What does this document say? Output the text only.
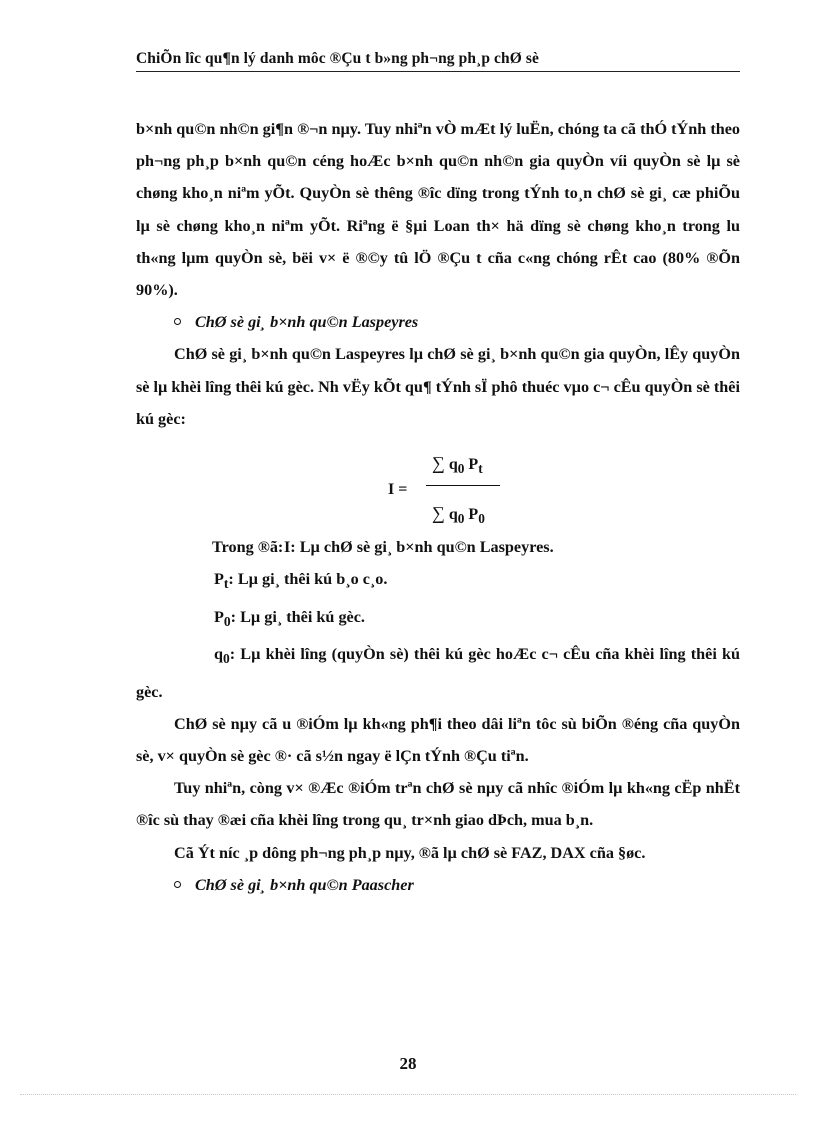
ChiÕn lîc qu¶n lý danh môc ®Çu t b»ng ph¬ng ph¸p chØ sè

b×nh qu©n nh©n gi¶n ®¬n nµy. Tuy nhiªn vÒ mÆt lý luËn, chóng ta cã thÓ tÝnh theo ph¬ng ph¸p b×nh qu©n céng hoÆc b×nh qu©n nh©n gia quyÒn víi quyÒn sè lµ sè chøng kho¸n niªm yÕt. QuyÒn sè thêng ®îc dïng trong tÝnh to¸n chØ sè gi¸ cæ phiÕu lµ sè chøng kho¸n niªm yÕt. Riªng ë §µi Loan th× hä dïng sè chøng kho¸n trong lu th«ng lµm quyÒn sè, bëi v× ë ®©y tû lÖ ®Çu t cña c«ng chóng rÊt cao (80% ®Õn 90%).

ChØ sè gi¸ b×nh qu©n Laspeyres

ChØ sè gi¸ b×nh qu©n Laspeyres lµ chØ sè gi¸ b×nh qu©n gia quyÒn, lÊy quyÒn sè lµ khèi lîng thêi kú gèc. Nh vËy kÕt qu¶ tÝnh sÏ phô thuéc vµo c¬ cÊu quyÒn sè thêi kú gèc:

I =
∑ $q_0$ $P_t$
∑ $q_0$ $P_0$

Trong ®ã:I: Lµ chØ sè gi¸ b×nh qu©n Laspeyres.

$P_t$: Lµ gi¸ thêi kú b¸o c¸o.

$P_0$: Lµ gi¸ thêi kú gèc.

$q_0$: Lµ khèi lîng (quyÒn sè) thêi kú gèc hoÆc c¬ cÊu cña khèi lîng thêi kú gèc.

ChØ sè nµy cã u ®iÓm lµ kh«ng ph¶i theo dâi liªn tôc sù biÕn ®éng cña quyÒn sè, v× quyÒn sè gèc ®· cã s½n ngay ë lÇn tÝnh ®Çu tiªn.

Tuy nhiªn, còng v× ®Æc ®iÓm trªn chØ sè nµy cã nhîc ®iÓm lµ kh«ng cËp nhËt ®îc sù thay ®æi cña khèi lîng trong qu¸ tr×nh giao dÞch, mua b¸n.

Cã Ýt níc ¸p dông ph¬ng ph¸p nµy, ®ã lµ chØ sè FAZ, DAX cña §øc.

ChØ sè gi¸ b×nh qu©n Paascher

28
